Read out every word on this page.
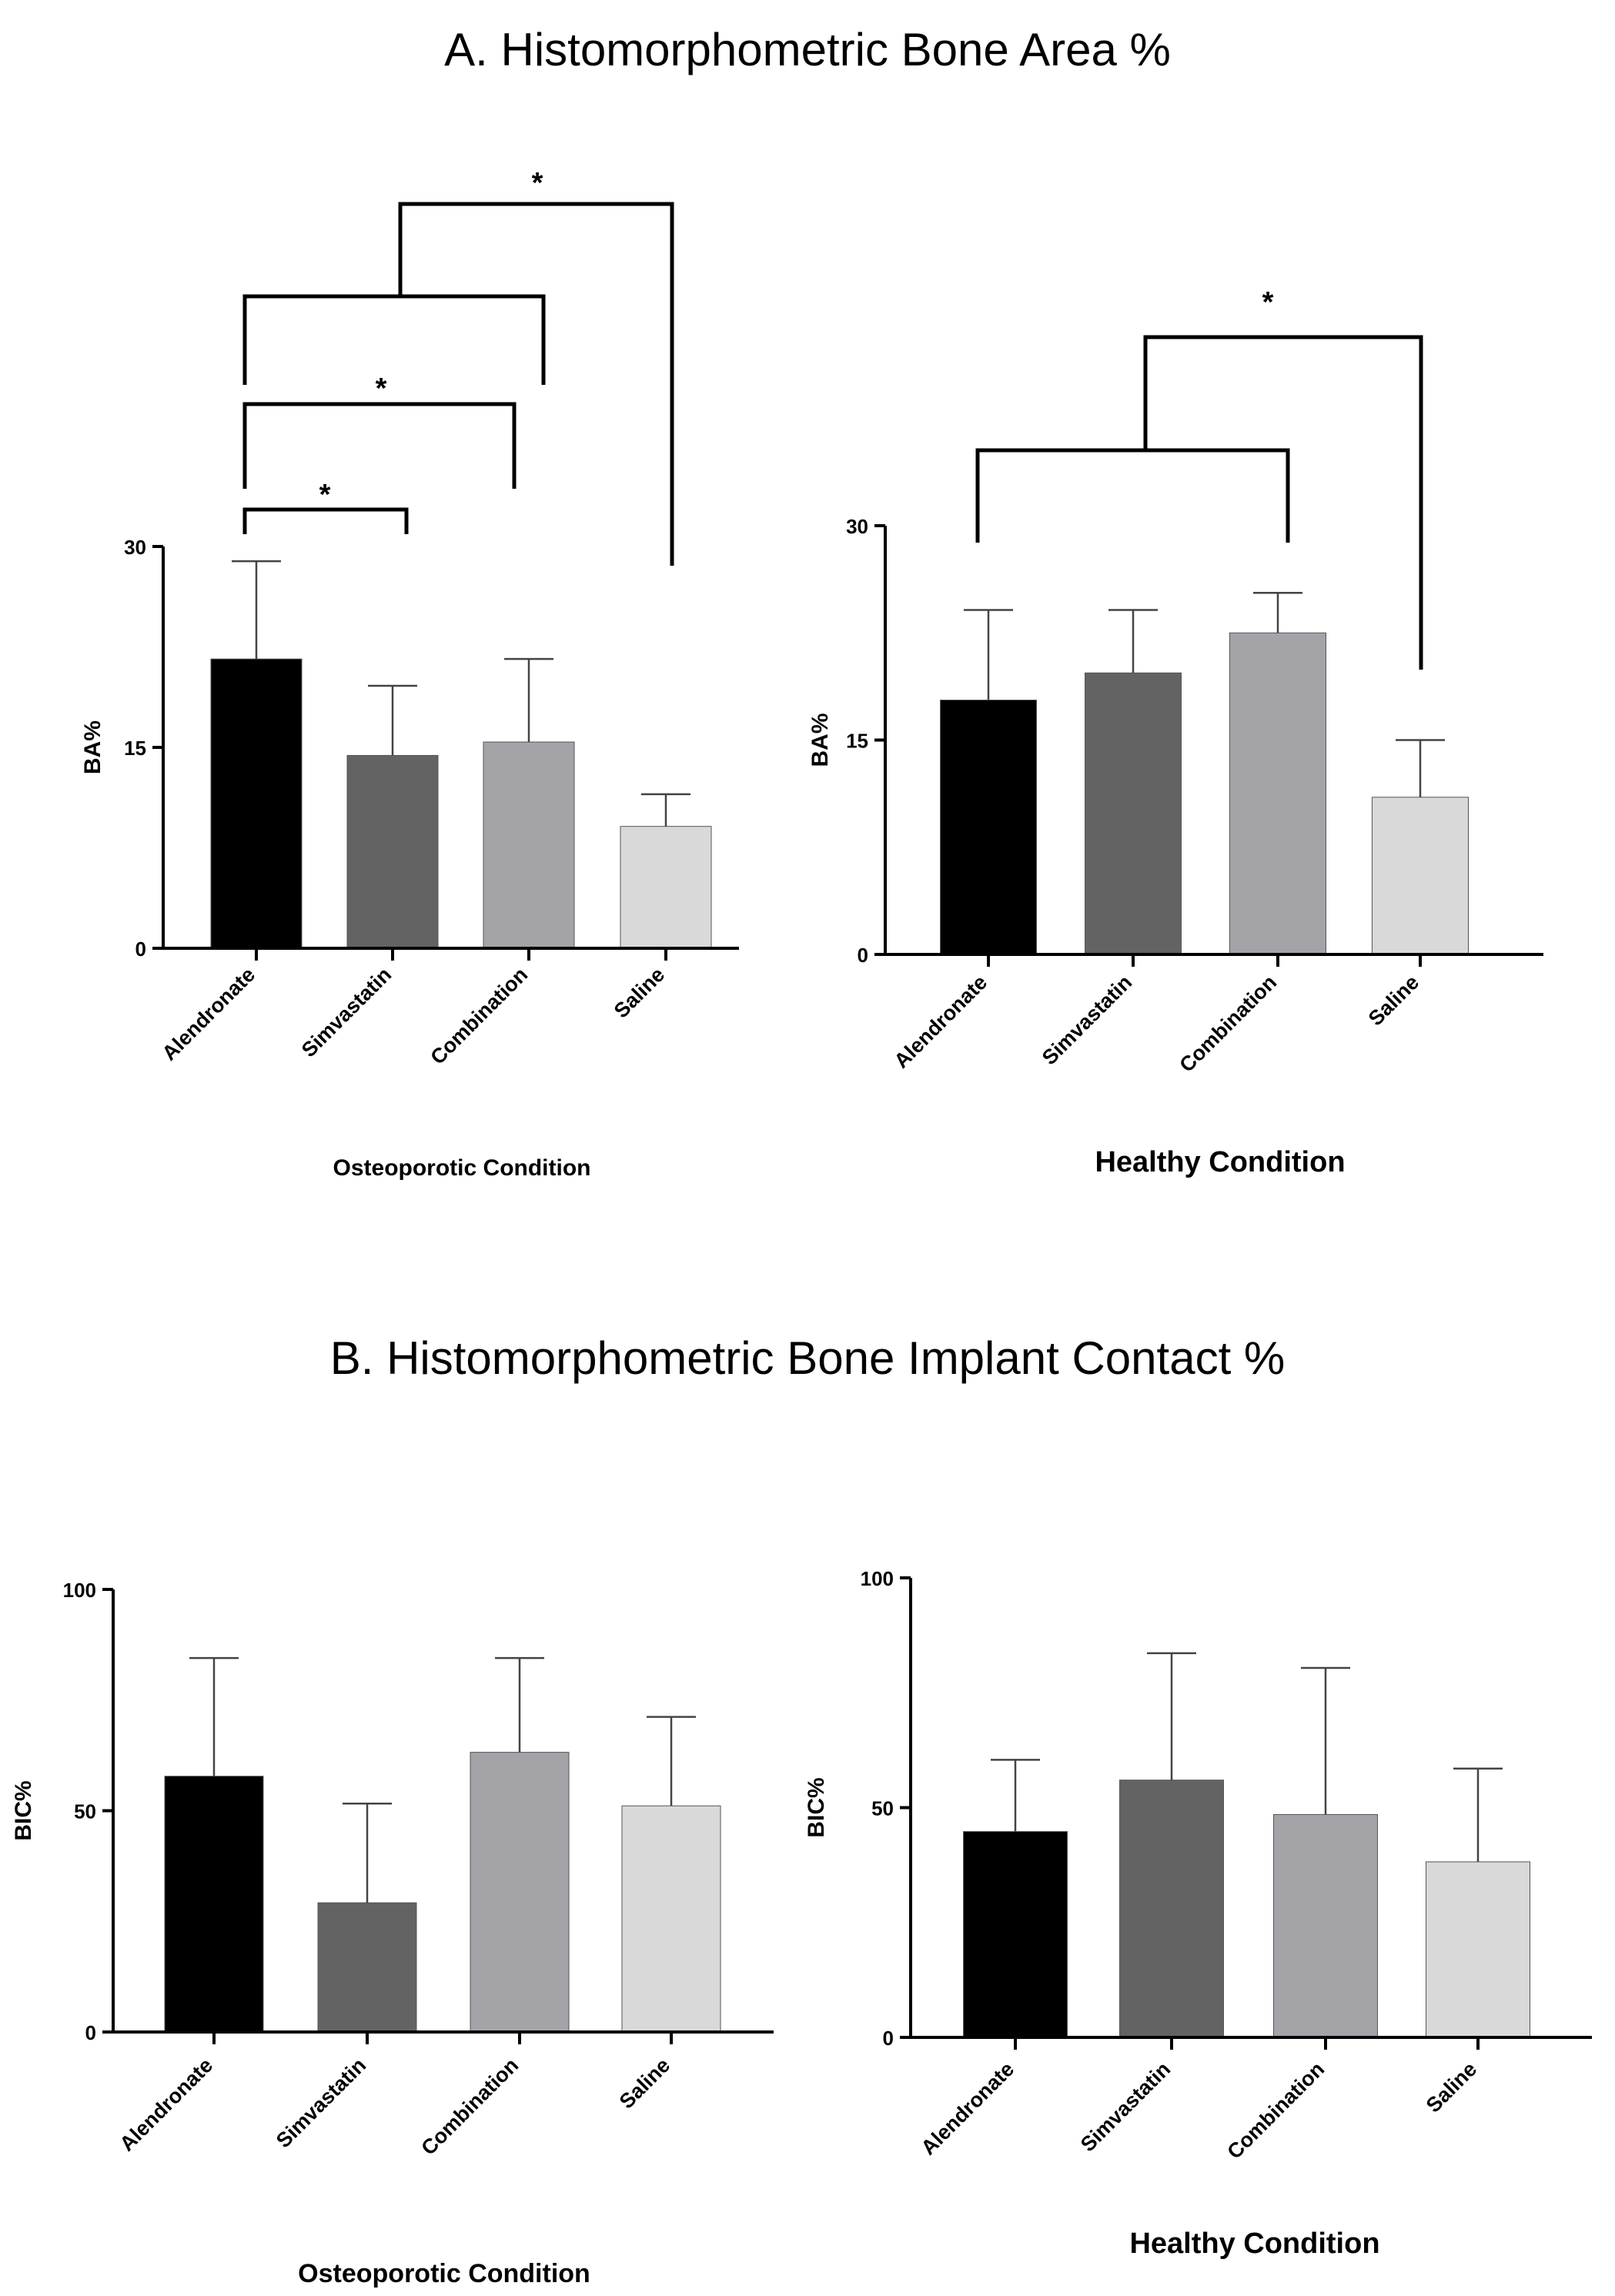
A. Histomorphometric Bone Area %
B. Histomorphometric Bone Implant Contact %
0
15
30
Alendronate Simvastatin Combination	Saline
BA%
Osteoporotic Condition
*
*
*
0
15
30
Alendronate Simvastatin Combination	Saline
BA%
Healthy Condition
*
0
50
100
Alendronate	Simvastatin Combination	Saline
BIC%
Osteoporotic Condition
0
50
100
Alendronate	Simvastatin Combination	Saline
BIC%
Healthy Condition
